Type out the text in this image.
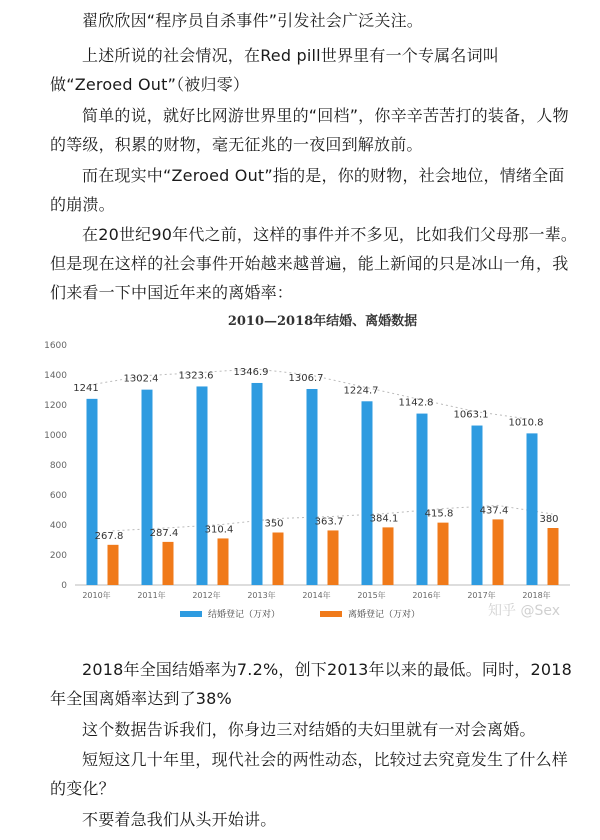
翟欣欣因“程序员自杀事件”引发社会广泛关注。

上述所说的社会情况，在Red pill世界里有一个专属名词叫做“Zeroed Out”（被归零）

简单的说，就好比网游世界里的“回档”，你辛辛苦苦打的装备，人物的等级，积累的财物，毫无征兆的一夜回到解放前。

而在现实中“Zeroed Out”指的是，你的财物，社会地位，情绪全面的崩溃。

在20世纪90年代之前，这样的事件并不多见，比如我们父母那一辈。但是现在这样的社会事件开始越来越普遍，能上新闻的只是冰山一角，我们来看一下中国近年来的离婚率：

2010—2018年结婚、离婚数据
0
200
400
600
800
1000
1200
1400
1600
1241
267.8
2010年
1302.4
287.4
2011年
1323.6
310.4
2012年
1346.9
350
2013年
1306.7
363.7
2014年
1224.7
384.1
2015年
1142.8
415.8
2016年
1063.1
437.4
2017年
1010.8
380
2018年
结婚登记（万对）	离婚登记（万对）	知乎 @Sex

2018年全国结婚率为7.2%，创下2013年以来的最低。同时，2018年全国离婚率达到了38%

这个数据告诉我们，你身边三对结婚的夫妇里就有一对会离婚。

短短这几十年里，现代社会的两性动态，比较过去究竟发生了什么样的变化？

不要着急我们从头开始讲。
